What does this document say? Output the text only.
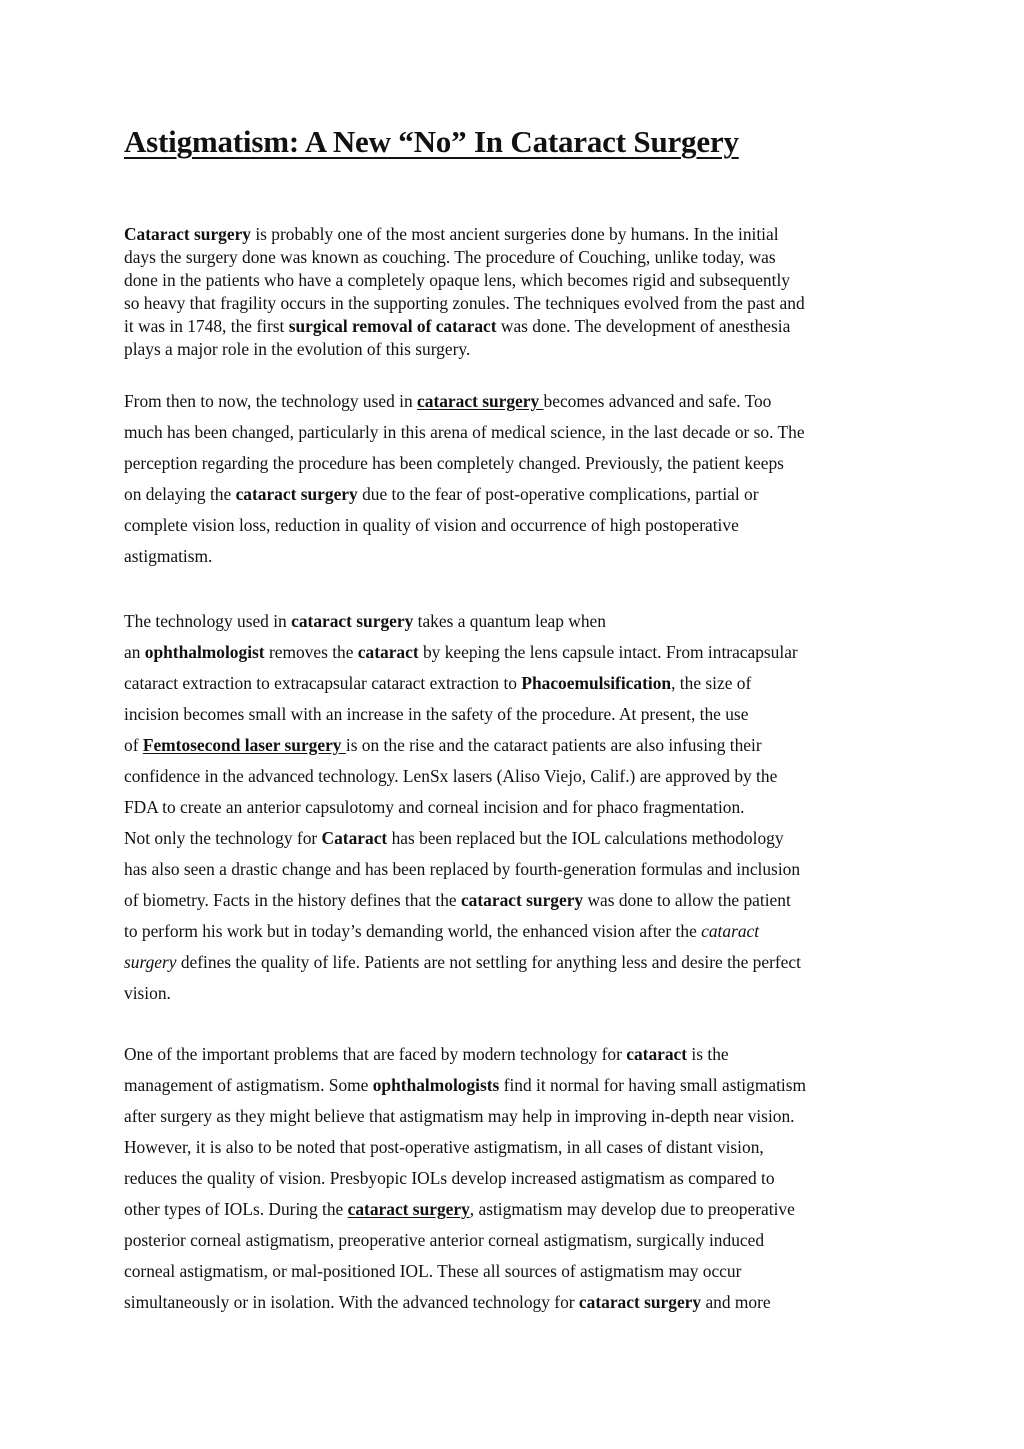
Astigmatism: A New “No” In Cataract Surgery

Cataract surgery is probably one of the most ancient surgeries done by humans. In the initial
days the surgery done was known as couching. The procedure of Couching, unlike today, was
done in the patients who have a completely opaque lens, which becomes rigid and subsequently
so heavy that fragility occurs in the supporting zonules. The techniques evolved from the past and
it was in 1748, the first surgical removal of cataract was done. The development of anesthesia
plays a major role in the evolution of this surgery.

From then to now, the technology used in cataract surgery becomes advanced and safe. Too
much has been changed, particularly in this arena of medical science, in the last decade or so. The
perception regarding the procedure has been completely changed. Previously, the patient keeps
on delaying the cataract surgery due to the fear of post-operative complications, partial or
complete vision loss, reduction in quality of vision and occurrence of high postoperative
astigmatism.

The technology used in cataract surgery takes a quantum leap when
an ophthalmologist removes the cataract by keeping the lens capsule intact. From intracapsular
cataract extraction to extracapsular cataract extraction to Phacoemulsification, the size of
incision becomes small with an increase in the safety of the procedure. At present, the use
of Femtosecond laser surgery is on the rise and the cataract patients are also infusing their
confidence in the advanced technology. LenSx lasers (Aliso Viejo, Calif.) are approved by the
FDA to create an anterior capsulotomy and corneal incision and for phaco fragmentation.
Not only the technology for Cataract has been replaced but the IOL calculations methodology
has also seen a drastic change and has been replaced by fourth-generation formulas and inclusion
of biometry. Facts in the history defines that the cataract surgery was done to allow the patient
to perform his work but in today’s demanding world, the enhanced vision after the cataract
surgery defines the quality of life. Patients are not settling for anything less and desire the perfect
vision.

One of the important problems that are faced by modern technology for cataract is the
management of astigmatism. Some ophthalmologists find it normal for having small astigmatism
after surgery as they might believe that astigmatism may help in improving in-depth near vision.
However, it is also to be noted that post-operative astigmatism, in all cases of distant vision,
reduces the quality of vision. Presbyopic IOLs develop increased astigmatism as compared to
other types of IOLs. During the cataract surgery, astigmatism may develop due to preoperative
posterior corneal astigmatism, preoperative anterior corneal astigmatism, surgically induced
corneal astigmatism, or mal-positioned IOL. These all sources of astigmatism may occur
simultaneously or in isolation. With the advanced technology for cataract surgery and more
